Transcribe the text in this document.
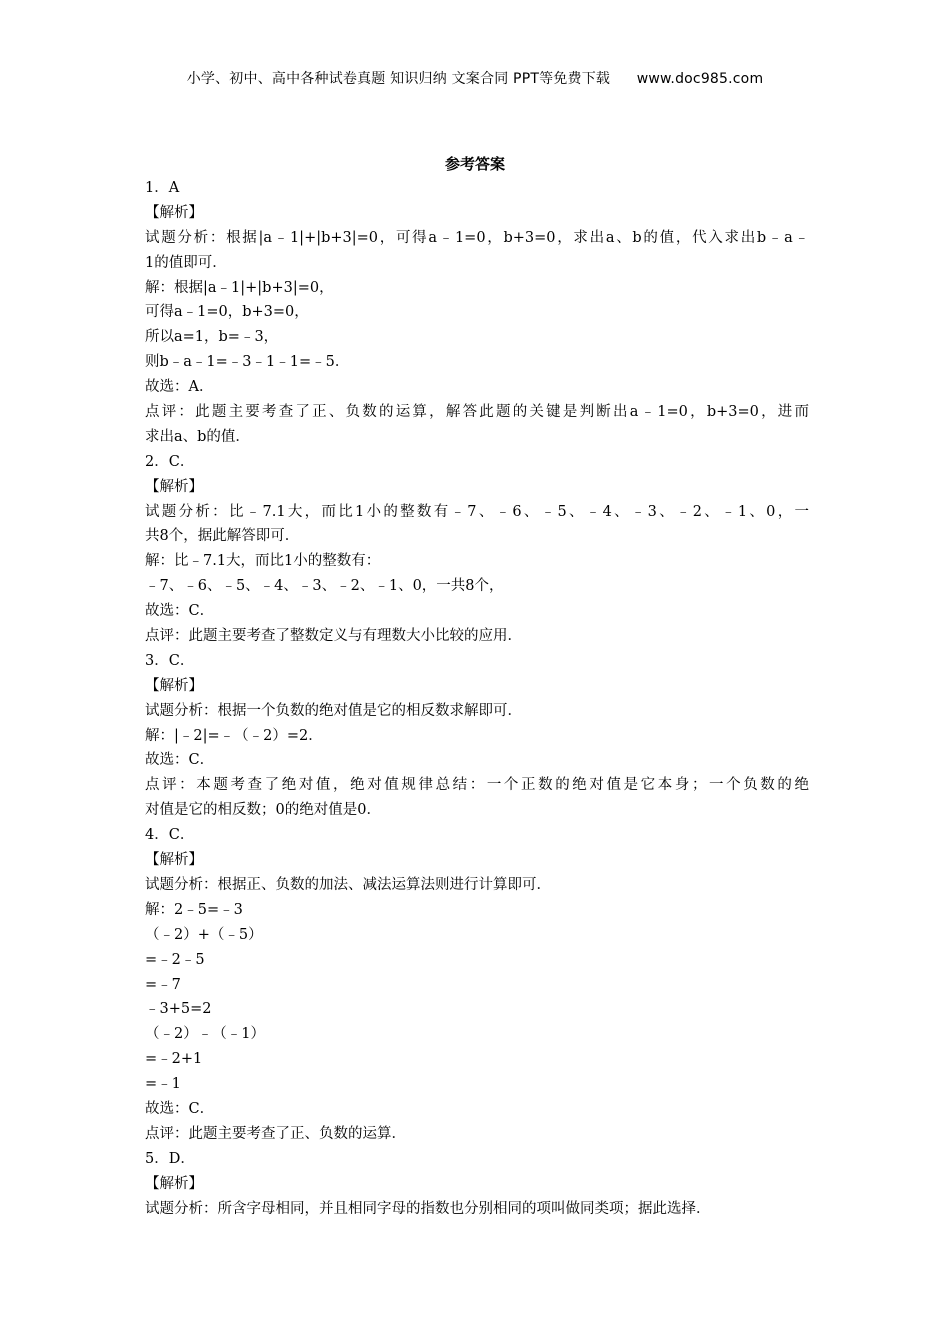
小学、初中、高中各种试卷真题 知识归纳 文案合同 PPT等免费下载 www.doc985.com
参考答案
1．A
【解析】
试题分析：根据|a﹣1|+|b+3|=0，可得a﹣1=0，b+3=0，求出a、b的值，代入求出b﹣a﹣
1的值即可．
解：根据|a﹣1|+|b+3|=0，
可得a﹣1=0，b+3=0，
所以a=1，b=﹣3，
则b﹣a﹣1=﹣3﹣1﹣1=﹣5．
故选：A．
点评：此题主要考查了正、负数的运算，解答此题的关键是判断出a﹣1=0，b+3=0，进而
求出a、b的值．
2．C．
【解析】
试题分析：比﹣7.1大，而比1小的整数有﹣7、﹣6、﹣5、﹣4、﹣3、﹣2、﹣1、0，一
共8个，据此解答即可．
解：比﹣7.1大，而比1小的整数有：
﹣7、﹣6、﹣5、﹣4、﹣3、﹣2、﹣1、0，一共8个，
故选：C．
点评：此题主要考查了整数定义与有理数大小比较的应用．
3．C．
【解析】
试题分析：根据一个负数的绝对值是它的相反数求解即可．
解：|﹣2|=﹣（﹣2）=2．
故选：C．
点评：本题考查了绝对值，绝对值规律总结：一个正数的绝对值是它本身；一个负数的绝
对值是它的相反数；0的绝对值是0．
4．C．
【解析】
试题分析：根据正、负数的加法、减法运算法则进行计算即可．
解：2﹣5=﹣3
（﹣2）+（﹣5）
=﹣2﹣5
=﹣7
﹣3+5=2
（﹣2）﹣（﹣1）
=﹣2+1
=﹣1
故选：C．
点评：此题主要考查了正、负数的运算．
5．D．
【解析】
试题分析：所含字母相同，并且相同字母的指数也分别相同的项叫做同类项；据此选择．
